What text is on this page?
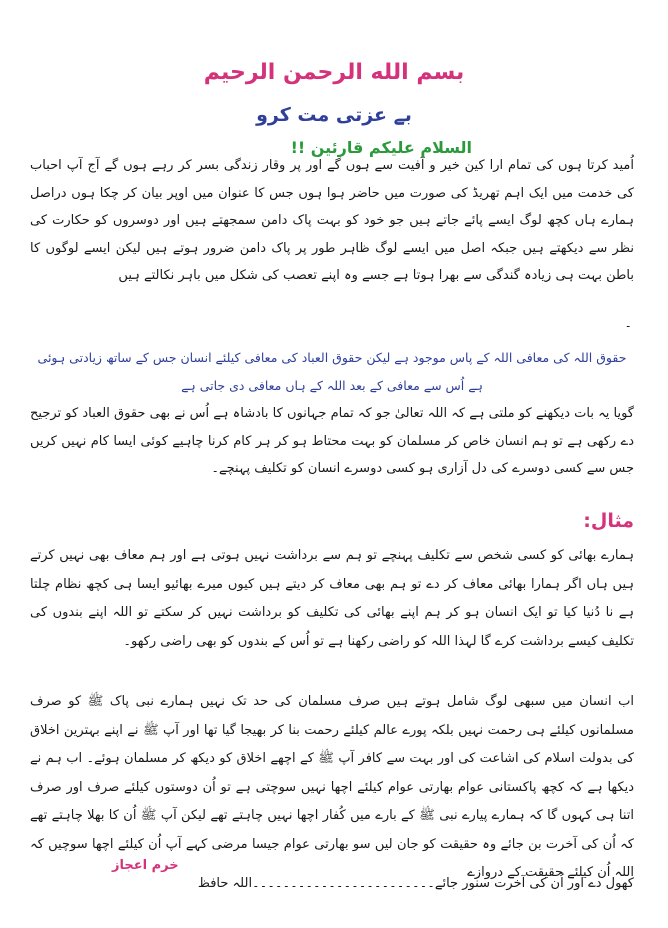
بسم الله الرحمن الرحیم
بے عزتی مت کرو
السلام علیکم قارئین !!
اُمید کرتا ہوں کی تمام ارا کین خیر و آفیت سے ہوں گے اور پر وقار زندگی بسر کر رہے ہوں گے آج آپ احباب کی خدمت میں ایک اہم تھریڈ کی صورت میں حاضر ہوا ہوں جس کا عنوان میں اوپر بیان کر چکا ہوں دراصل ہمارے ہاں کچھ لوگ ایسے پائے جاتے ہیں جو خود کو بہت پاک دامن سمجھتے ہیں اور دوسروں کو حکارت کی نظر سے دیکھتے ہیں جبکہ اصل میں ایسے لوگ ظاہر طور پر پاک دامن ضرور ہوتے ہیں لیکن ایسے لوگوں کا باطن بہت ہی زیادہ گندگی سے بھرا ہوتا ہے جسے وہ اپنے تعصب کی شکل میں باہر نکالتے ہیں
۔
حقوق اللہ کی معافی اللہ کے پاس موجود ہے لیکن حقوق العباد کی معافی کیلئے انسان جس کے ساتھ زیادتی ہوئی ہے اُس سے معافی کے بعد اللہ کے ہاں معافی دی جاتی ہے
گویا یہ بات دیکھنے کو ملتی ہے کہ اللہ تعالیٰ جو کہ تمام جہانوں کا بادشاہ ہے اُس نے بھی حقوق العباد کو ترجیح دے رکھی ہے تو ہم انسان خاص کر مسلمان کو بہت محتاط ہو کر ہر کام کرنا چاہیے کوئی ایسا کام نہیں کریں جس سے کسی دوسرے کی دل آزاری ہو کسی دوسرے انسان کو تکلیف پہنچے۔
مثال:
ہمارے بھائی کو کسی شخص سے تکلیف پہنچے تو ہم سے برداشت نہیں ہوتی ہے اور ہم معاف بھی نہیں کرتے ہیں ہاں اگر ہمارا بھائی معاف کر دے تو ہم بھی معاف کر دیتے ہیں کیوں میرے بھائیو ایسا ہی کچھ نظام چلتا ہے نا دُنیا کیا تو ایک انسان ہو کر ہم اپنے بھائی کی تکلیف کو برداشت نہیں کر سکتے تو اللہ اپنے بندوں کی تکلیف کیسے برداشت کرے گا لہذا اللہ کو راضی رکھنا ہے تو اُس کے بندوں کو بھی راضی رکھو۔
اب انسان میں سبھی لوگ شامل ہوتے ہیں صرف مسلمان کی حد تک نہیں ہمارے نبی پاک ﷺ کو صرف مسلمانوں کیلئے ہی رحمت نہیں بلکہ پورے عالم کیلئے رحمت بنا کر بھیجا گیا تھا اور آپ ﷺ نے اپنے بہترین اخلاق کی بدولت اسلام کی اشاعت کی اور بہت سے کافر آپ ﷺ کے اچھے اخلاق کو دیکھ کر مسلمان ہوئے۔ اب ہم نے دیکھا ہے کہ کچھ پاکستانی عوام بھارتی عوام کیلئے اچھا نہیں سوچتی ہے تو اُن دوستوں کیلئے صرف اور صرف اتنا ہی کہوں گا کہ ہمارے پیارے نبی ﷺ کے بارے میں کُفار اچھا نہیں چاہتے تھے لیکن آپ ﷺ اُن کا بھلا چاہتے تھے کہ اُن کی آخرت بن جائے وہ حقیقت کو جان لیں سو بھارتی عوام جیسا مرضی کہے آپ اُن کیلئے اچھا سوچیں کہ اللہ اُن کیلئے حقیقت کے دروازے
کھول دے اور اُن کی آخرت سنور جائے۔۔۔۔۔۔۔۔۔۔۔۔۔۔۔۔۔۔۔۔۔۔۔۔اللہ حافظ
خرم اعجاز
